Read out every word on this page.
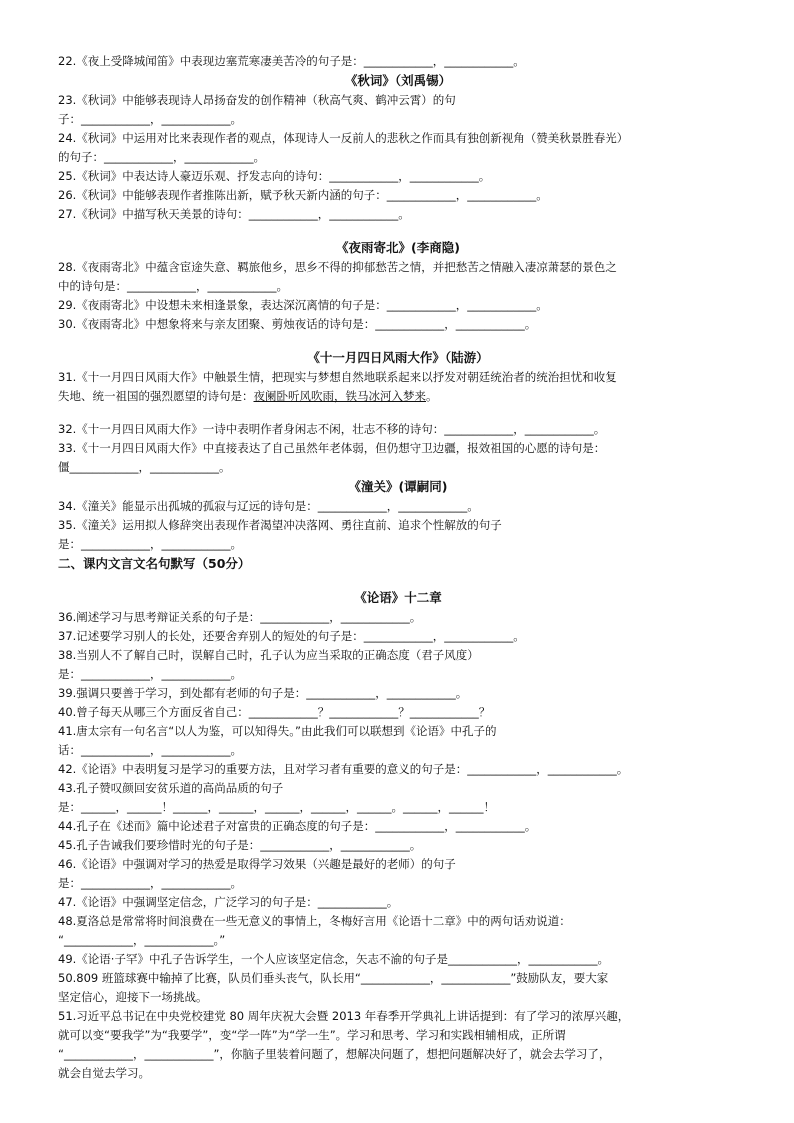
22.《夜上受降城闻笛》中表现边塞荒寒凄美苦冷的句子是：____________，____________。
《秋词》（刘禹锡）
23.《秋词》中能够表现诗人昂扬奋发的创作精神（秋高气爽、鹤冲云霄）的句
子：____________，____________。
24.《秋词》中运用对比来表现作者的观点，体现诗人一反前人的悲秋之作而具有独创新视角（赞美秋景胜春光）
的句子：____________，____________。
25.《秋词》中表达诗人豪迈乐观、抒发志向的诗句：____________，____________。
26.《秋词》中能够表现作者推陈出新，赋予秋天新内涵的句子：____________，____________。
27.《秋词》中描写秋天美景的诗句：____________，____________。
《夜雨寄北》(李商隐)
28.《夜雨寄北》中蕴含宦途失意、羁旅他乡，思乡不得的抑郁愁苦之情，并把愁苦之情融入凄凉萧瑟的景色之
中的诗句是：____________，____________。
29.《夜雨寄北》中设想未来相逢景象，表达深沉离情的句子是：____________，____________。
30.《夜雨寄北》中想象将来与亲友团聚、剪烛夜话的诗句是：____________，____________。
《十一月四日风雨大作》（陆游）
31.《十一月四日风雨大作》中触景生情，把现实与梦想自然地联系起来以抒发对朝廷统治者的统治担忧和收复
失地、统一祖国的强烈愿望的诗句是：夜阑卧听风吹雨，铁马冰河入梦来。
32.《十一月四日风雨大作》一诗中表明作者身闲志不闲，壮志不移的诗句：____________，____________。
33.《十一月四日风雨大作》中直接表达了自己虽然年老体弱，但仍想守卫边疆，报效祖国的心愿的诗句是：
僵____________，____________。
《潼关》(谭嗣同)
34.《潼关》能显示出孤城的孤寂与辽远的诗句是：____________，____________。
35.《潼关》运用拟人修辞突出表现作者渴望冲决落网、勇往直前、追求个性解放的句子
是：____________，____________。
二、课内文言文名句默写（50分）
《论语》十二章
36.阐述学习与思考辩证关系的句子是：____________，____________。
37.记述要学习别人的长处，还要舍弃别人的短处的句子是：____________，____________。
38.当别人不了解自己时，误解自己时，孔子认为应当采取的正确态度（君子风度）
是：____________，____________。
39.强调只要善于学习，到处都有老师的句子是：____________，____________。
40.曾子每天从哪三个方面反省自己：____________？____________？____________？
41.唐太宗有一句名言“以人为鉴，可以知得失。”由此我们可以联想到《论语》中孔子的
话：____________，____________。
42.《论语》中表明复习是学习的重要方法，且对学习者有重要的意义的句子是：____________，____________。
43.孔子赞叹颜回安贫乐道的高尚品质的句子
是：______，______！______，______，______，______，______。______，______！
44.孔子在《述而》篇中论述君子对富贵的正确态度的句子是：____________，____________。
45.孔子告诫我们要珍惜时光的句子是：____________，____________。
46.《论语》中强调对学习的热爱是取得学习效果（兴趣是最好的老师）的句子
是：____________，____________。
47.《论语》中强调坚定信念，广泛学习的句子是：____________。
48.夏洛总是常常将时间浪费在一些无意义的事情上，冬梅好言用《论语十二章》中的两句话劝说道：
“____________，____________。”
49.《论语·子罕》中孔子告诉学生，一个人应该坚定信念，矢志不渝的句子是____________，____________。
50.809 班篮球赛中输掉了比赛，队员们垂头丧气，队长用“____________，____________”鼓励队友，要大家
坚定信心，迎接下一场挑战。
51.习近平总书记在中央党校建党 80 周年庆祝大会暨 2013 年春季开学典礼上讲话提到：有了学习的浓厚兴趣，
就可以变“要我学”为“我要学”，变“学一阵”为“学一生”。学习和思考、学习和实践相辅相成，正所谓
“____________，____________”，你脑子里装着问题了，想解决问题了，想把问题解决好了，就会去学习了，
就会自觉去学习。
